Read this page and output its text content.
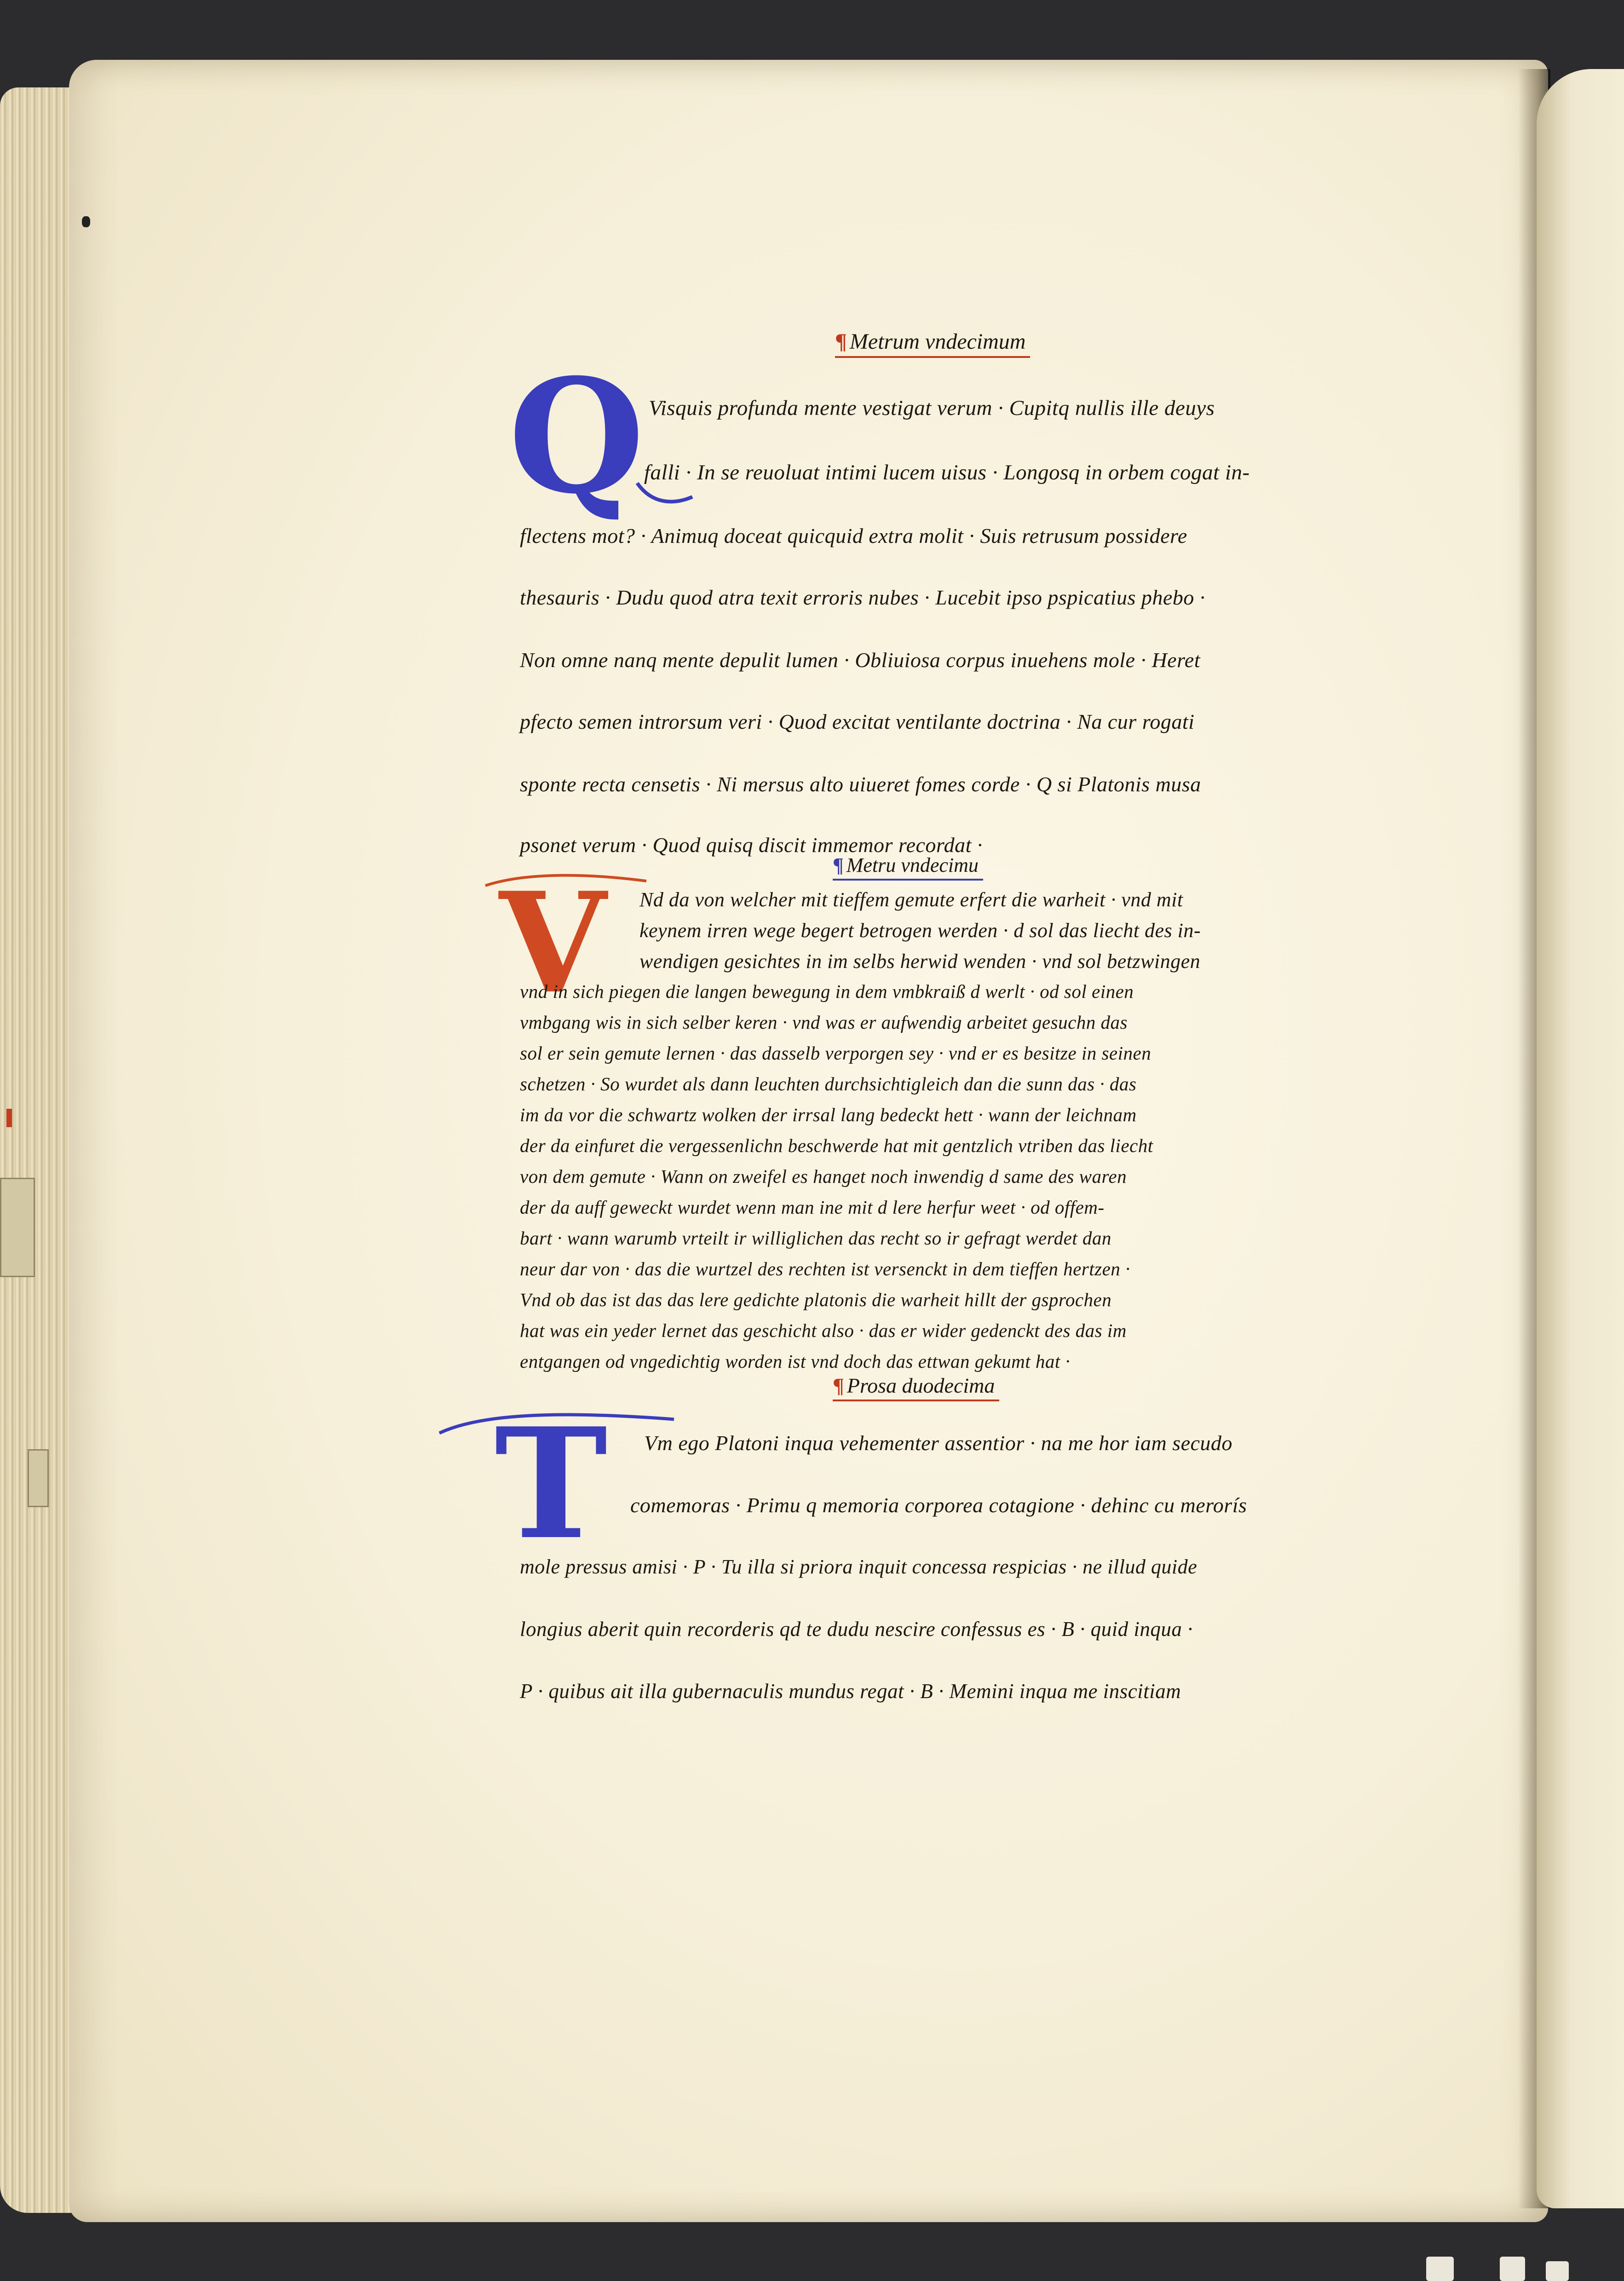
¶ Metrum vndecimum
Q Visquis profunda mente vestigat verum · Cupitq nullis ille deuys
falli · In se reuoluat intimi lucem uisus · Longosq in orbem cogat in-
flectens mot? · Animuq doceat quicquid extra molit · Suis retrusum possidere
thesauris · Dudu quod atra texit erroris nubes · Lucebit ipso pspicatius phebo ·
Non omne nanq mente depulit lumen · Obliuiosa corpus inuehens mole · Heret
pfecto semen introrsum veri · Quod excitat ventilante doctrina · Na cur rogati
sponte recta censetis · Ni mersus alto uiueret fomes corde · Q si Platonis musa
psonet verum · Quod quisq discit immemor recordat ·
¶ Metru vndecimu
V Nd da von welcher mit tieffem gemute erfert die warheit · vnd mit
keynem irren wege begert betrogen werden · d sol das liecht des in-
wendigen gesichtes in im selbs herwid wenden · vnd sol betzwingen
vnd in sich piegen die langen bewegung in dem vmbkraiß d werlt · od sol einen
vmbgang wis in sich selber keren · vnd was er aufwendig arbeitet gesuchn das
sol er sein gemute lernen · das dasselb verporgen sey · vnd er es besitze in seinen
schetzen · So wurdet als dann leuchten durchsichtigleich dan die sunn das · das
im da vor die schwartz wolken der irrsal lang bedeckt hett · wann der leichnam
der da einfuret die vergessenlichn beschwerde hat mit gentzlich vtriben das liecht
von dem gemute · Wann on zweifel es hanget noch inwendig d same des waren
der da auff geweckt wurdet wenn man ine mit d lere herfur weet · od offem-
bart · wann warumb vrteilt ir williglichen das recht so ir gefragt werdet dan
neur dar von · das die wurtzel des rechten ist versenckt in dem tieffen hertzen ·
Vnd ob das ist das das lere gedichte platonis die warheit hillt der gsprochen
hat was ein yeder lernet das geschicht also · das er wider gedenckt des das im
entgangen od vngedichtig worden ist vnd doch das ettwan gekumt hat ·
¶ Prosa duodecima
T Vm ego Platoni inqua vehementer assentior · na me hor iam secudo
comemoras · Primu q memoria corporea cotagione · dehinc cu merorís
mole pressus amisi · P · Tu illa si priora inquit concessa respicias · ne illud quide
longius aberit quin recorderis qd te dudu nescire confessus es · B · quid inqua ·
P · quibus ait illa gubernaculis mundus regat · B · Memini inqua me inscitiam
